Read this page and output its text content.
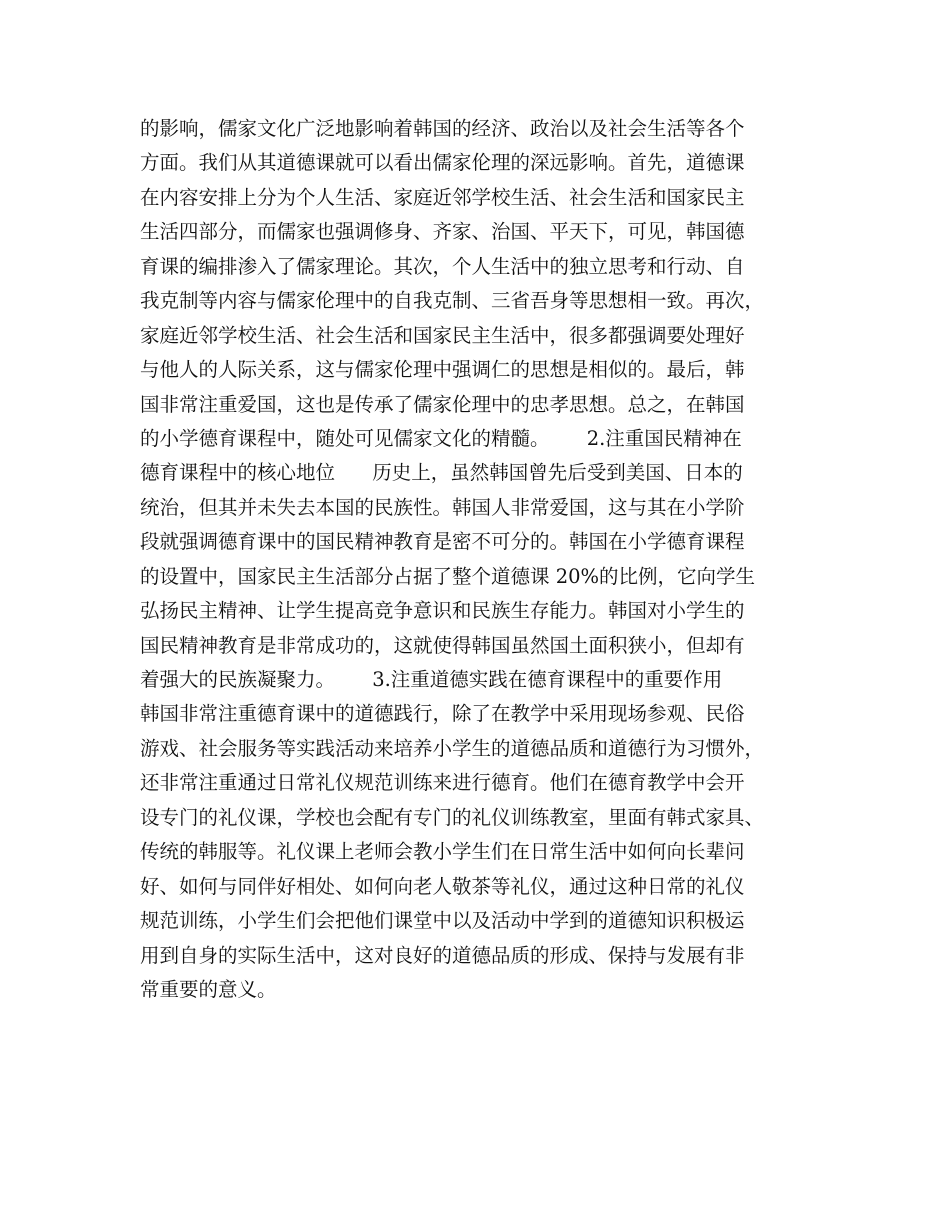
的影响，儒家文化广泛地影响着韩国的经济、政治以及社会生活等各个
方面。我们从其道德课就可以看出儒家伦理的深远影响。首先，道德课
在内容安排上分为个人生活、家庭近邻学校生活、社会生活和国家民主
生活四部分，而儒家也强调修身、齐家、治国、平天下，可见，韩国德
育课的编排渗入了儒家理论。其次，个人生活中的独立思考和行动、自
我克制等内容与儒家伦理中的自我克制、三省吾身等思想相一致。再次，
家庭近邻学校生活、社会生活和国家民主生活中，很多都强调要处理好
与他人的人际关系，这与儒家伦理中强调仁的思想是相似的。最后，韩
国非常注重爱国，这也是传承了儒家伦理中的忠孝思想。总之，在韩国
的小学德育课程中，随处可见儒家文化的精髓。      2.注重国民精神在
德育课程中的核心地位      历史上，虽然韩国曾先后受到美国、日本的
统治，但其并未失去本国的民族性。韩国人非常爱国，这与其在小学阶
段就强调德育课中的国民精神教育是密不可分的。韩国在小学德育课程
的设置中，国家民主生活部分占据了整个道德课 20%的比例，它向学生
弘扬民主精神、让学生提高竞争意识和民族生存能力。韩国对小学生的
国民精神教育是非常成功的，这就使得韩国虽然国土面积狭小，但却有
着强大的民族凝聚力。      3.注重道德实践在德育课程中的重要作用
韩国非常注重德育课中的道德践行，除了在教学中采用现场参观、民俗
游戏、社会服务等实践活动来培养小学生的道德品质和道德行为习惯外，
还非常注重通过日常礼仪规范训练来进行德育。他们在德育教学中会开
设专门的礼仪课，学校也会配有专门的礼仪训练教室，里面有韩式家具、
传统的韩服等。礼仪课上老师会教小学生们在日常生活中如何向长辈问
好、如何与同伴好相处、如何向老人敬茶等礼仪，通过这种日常的礼仪
规范训练，小学生们会把他们课堂中以及活动中学到的道德知识积极运
用到自身的实际生活中，这对良好的道德品质的形成、保持与发展有非
常重要的意义。
